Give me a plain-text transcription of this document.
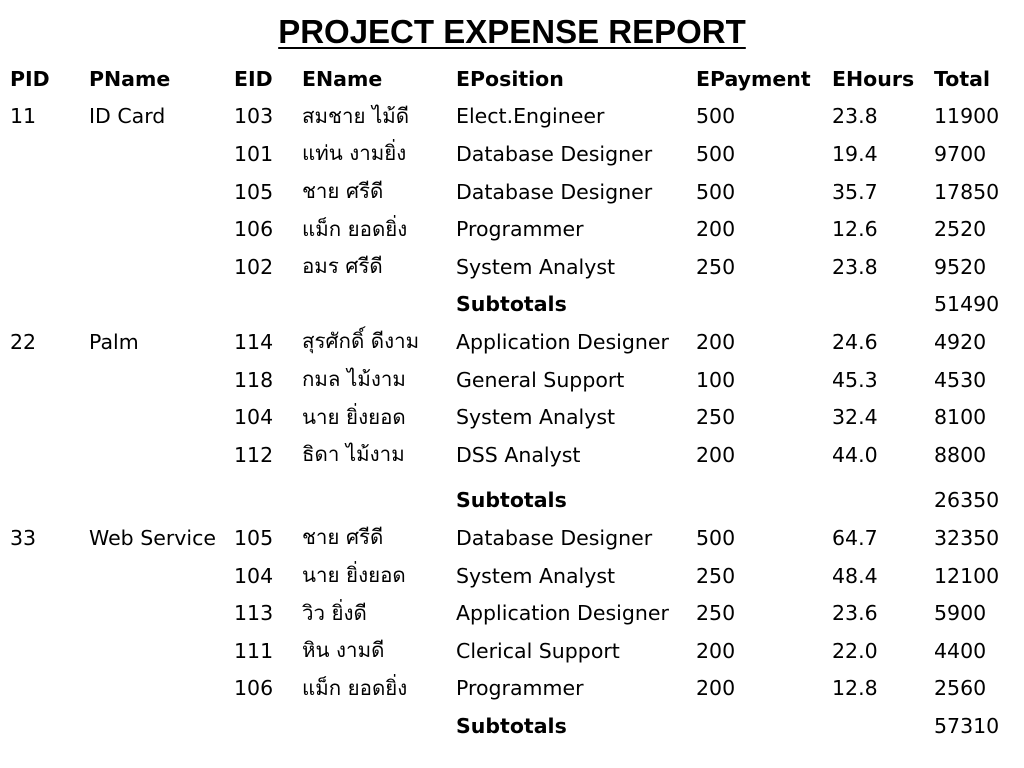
PROJECT EXPENSE REPORT
PID	PName	EID	EName	EPosition	EPayment	EHours	Total
11	ID Card	103	สมชาย ไม้ดี	Elect.Engineer	500	23.8	11900
		101	แท่น งามยิ่ง	Database Designer	500	19.4	9700
		105	ชาย ศรีดี	Database Designer	500	35.7	17850
		106	แม็ก ยอดยิ่ง	Programmer	200	12.6	2520
		102	อมร ศรีดี	System Analyst	250	23.8	9520
				Subtotals			51490
22	Palm	114	สุรศักดิ์ ดีงาม	Application Designer	200	24.6	4920
		118	กมล ไม้งาม	General Support	100	45.3	4530
		104	นาย ยิ่งยอด	System Analyst	250	32.4	8100
		112	ธิดา ไม้งาม	DSS Analyst	200	44.0	8800
				Subtotals			26350
33	Web Service	105	ชาย ศรีดี	Database Designer	500	64.7	32350
		104	นาย ยิ่งยอด	System Analyst	250	48.4	12100
		113	วิว ยิ่งดี	Application Designer	250	23.6	5900
		111	หิน งามดี	Clerical Support	200	22.0	4400
		106	แม็ก ยอดยิ่ง	Programmer	200	12.8	2560
				Subtotals			57310
